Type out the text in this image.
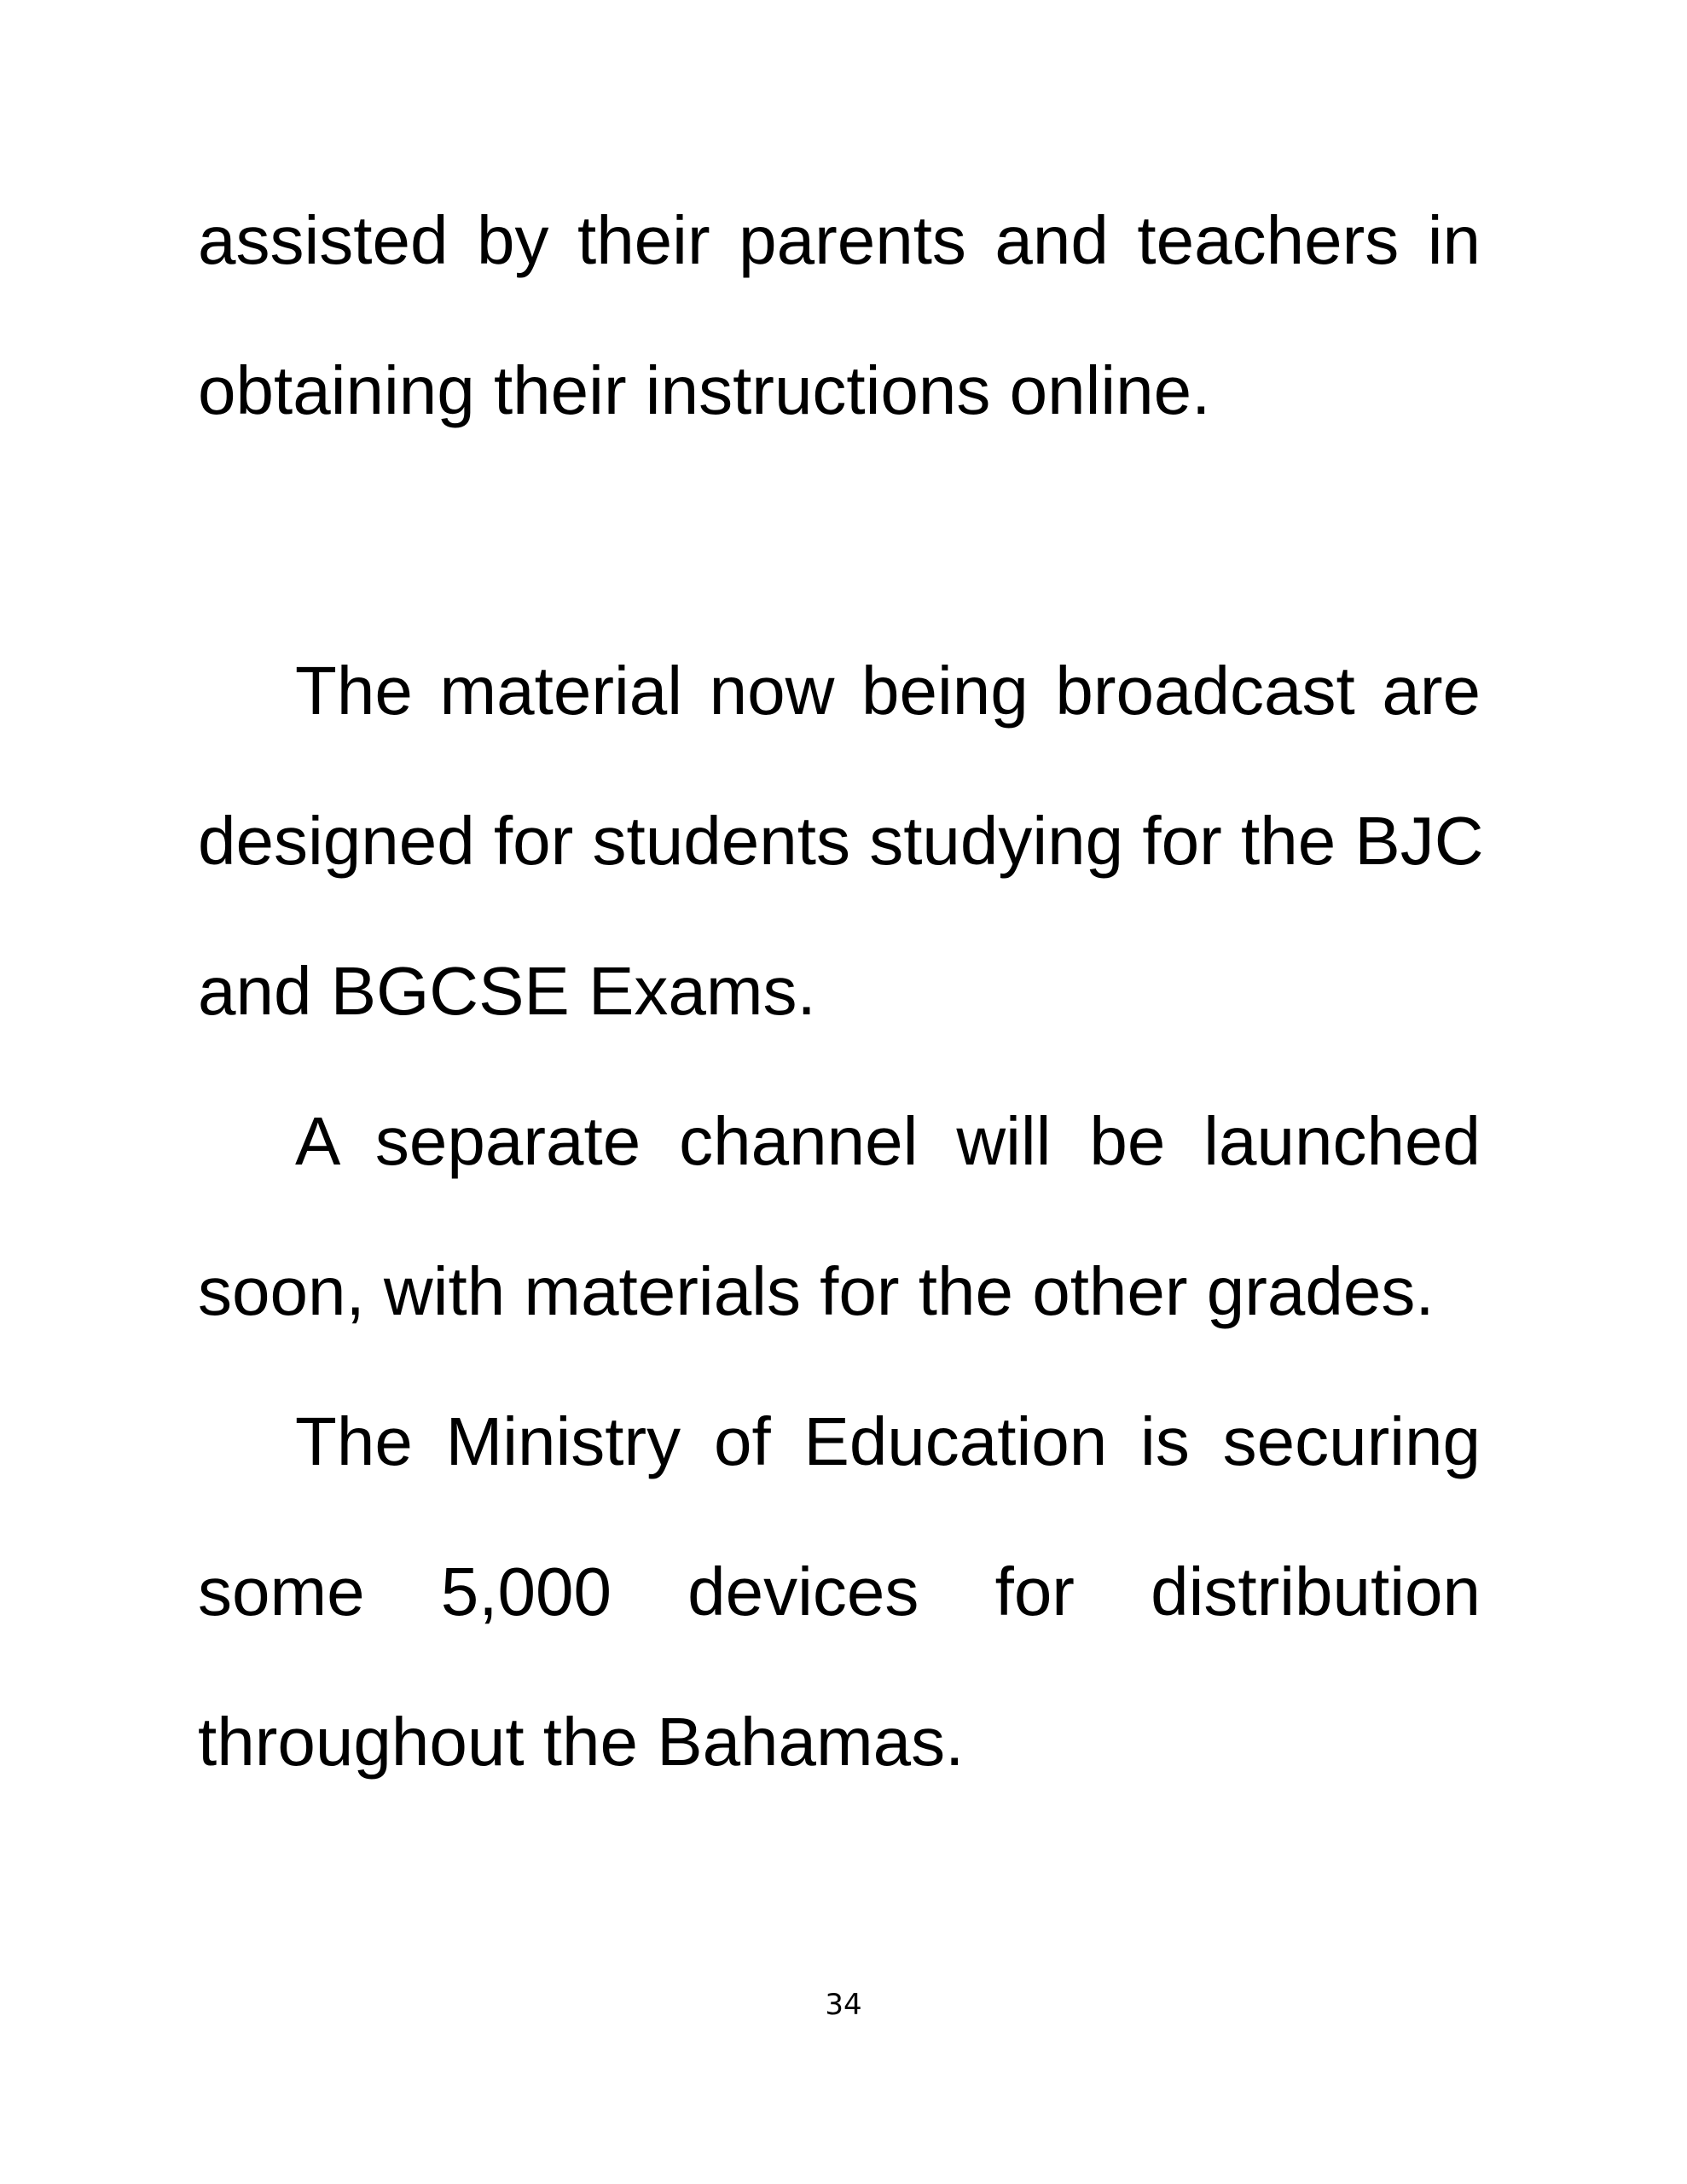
assisted by their parents and teachers in
obtaining their instructions online.
The material now being broadcast are
designed for students studying for the BJC
and BGCSE Exams.
A separate channel will be launched
soon, with materials for the other grades.
The Ministry of Education is securing
some 5,000 devices for distribution
throughout the Bahamas.
34
